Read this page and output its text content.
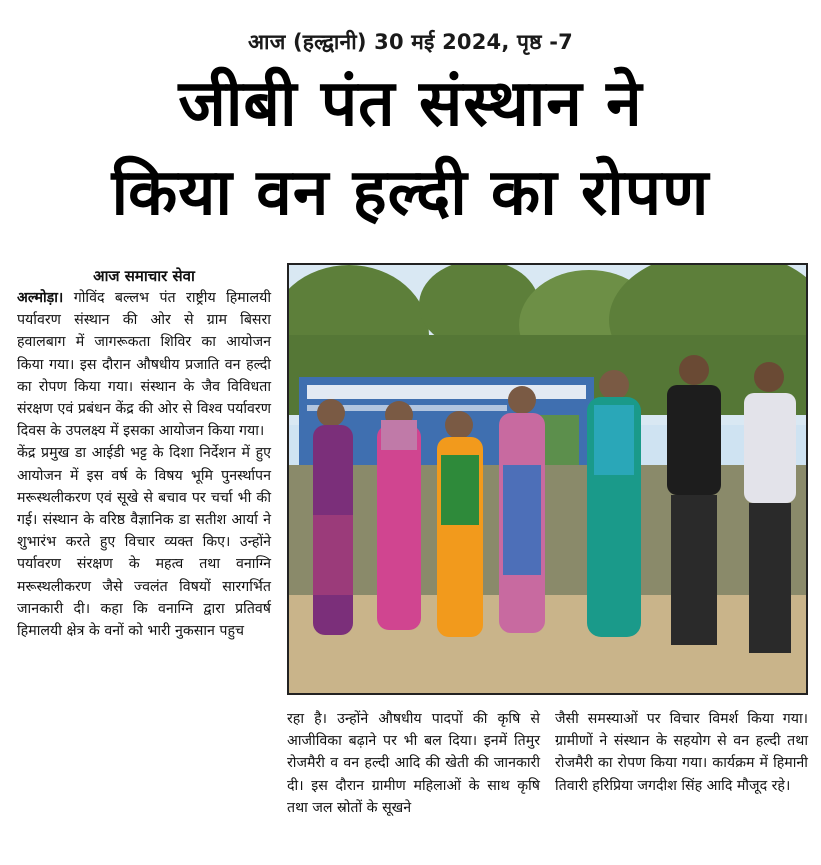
आज (हल्द्वानी) 30 मई 2024, पृष्ठ -7
जीबी पंत संस्थान ने
किया वन हल्दी का रोपण
आज समाचार सेवा

अल्मोड़ा। गोविंद बल्लभ पंत राष्ट्रीय हिमालयी पर्यावरण संस्थान की ओर से ग्राम बिसरा हवालबाग में जागरूकता शिविर का आयोजन किया गया। इस दौरान औषधीय प्रजाति वन हल्दी का रोपण किया गया। संस्थान के जैव विविधता संरक्षण एवं प्रबंधन केंद्र की ओर से विश्व पर्यावरण दिवस के उपलक्ष्य में इसका आयोजन किया गया।

केंद्र प्रमुख डा आईडी भट्ट के दिशा निर्देशन में हुए आयोजन में इस वर्ष के विषय भूमि पुनर्स्थापन मरूस्थलीकरण एवं सूखे से बचाव पर चर्चा भी की गई। संस्थान के वरिष्ठ वैज्ञानिक डा सतीश आर्या ने शुभारंभ करते हुए विचार व्यक्त किए। उन्होंने पर्यावरण संरक्षण के महत्व तथा वनाग्नि मरूस्थलीकरण जैसे ज्वलंत विषयों सारगर्भित जानकारी दी। कहा कि वनाग्नि द्वारा प्रतिवर्ष हिमालयी क्षेत्र के वनों को भारी नुकसान पहुच

रहा है। उन्होंने औषधीय पादपों की कृषि से आजीविका बढ़ाने पर भी बल दिया। इनमें तिमुर रोजमैरी व वन हल्दी आदि की खेती की जानकारी दी। इस दौरान ग्रामीण महिलाओं के साथ कृषि तथा जल स्रोतों के सूखने

जैसी समस्याओं पर विचार विमर्श किया गया। ग्रामीणों ने संस्थान के सहयोग से वन हल्दी तथा रोजमैरी का रोपण किया गया। कार्यक्रम में हिमानी तिवारी हरिप्रिया जगदीश सिंह आदि मौजूद रहे।
